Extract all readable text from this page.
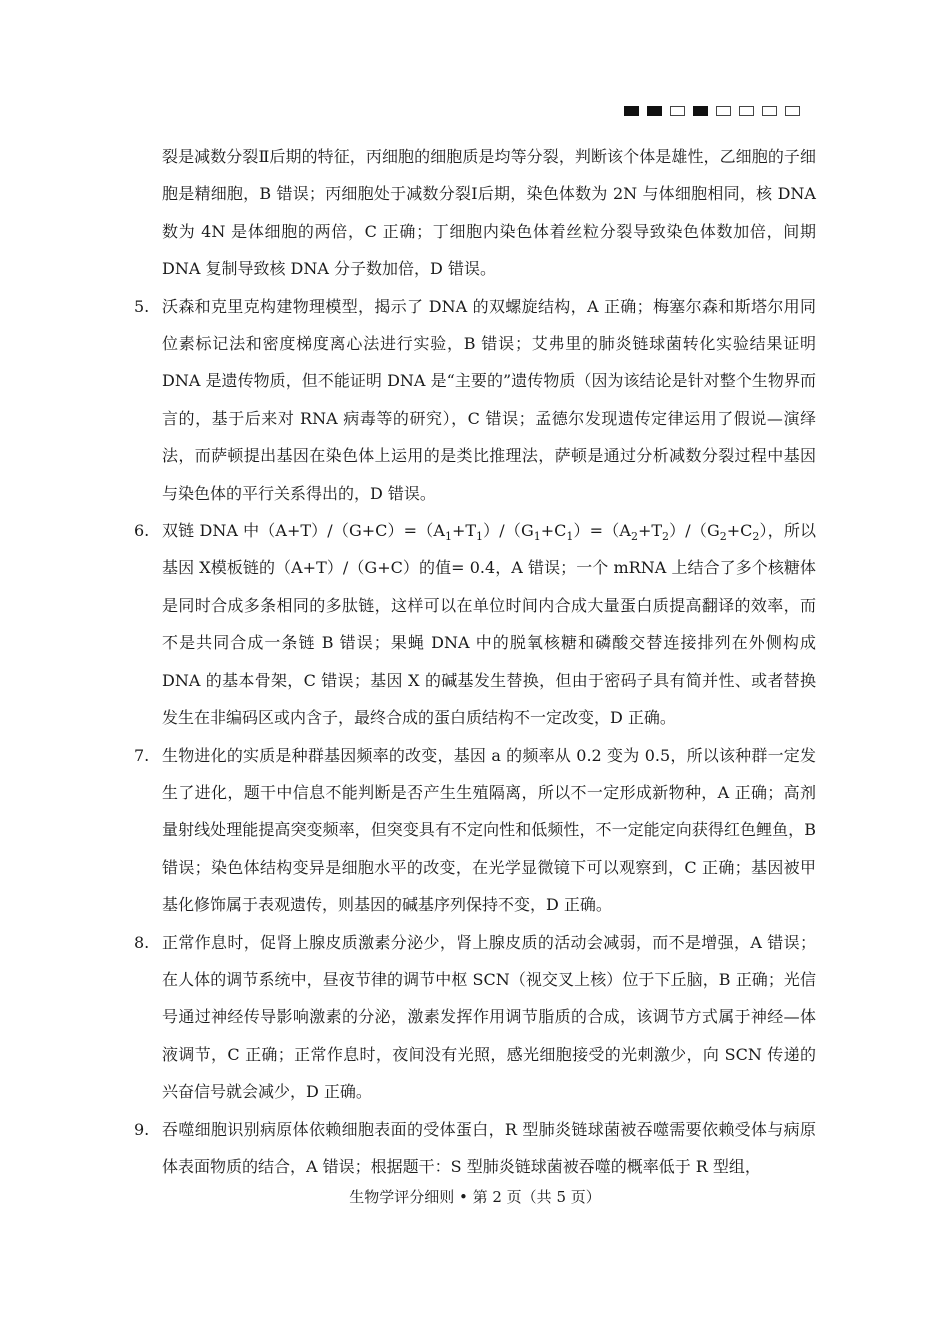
裂是减数分裂Ⅱ后期的特征，丙细胞的细胞质是均等分裂，判断该个体是雄性，乙细胞的子细胞是精细胞，B 错误；丙细胞处于减数分裂Ⅰ后期，染色体数为 2N 与体细胞相同，核 DNA 数为 4N 是体细胞的两倍，C 正确；丁细胞内染色体着丝粒分裂导致染色体数加倍，间期 DNA 复制导致核 DNA 分子数加倍，D 错误。

5. 沃森和克里克构建物理模型，揭示了 DNA 的双螺旋结构，A 正确；梅塞尔森和斯塔尔用同位素标记法和密度梯度离心法进行实验，B 错误；艾弗里的肺炎链球菌转化实验结果证明 DNA 是遗传物质，但不能证明 DNA 是“主要的”遗传物质（因为该结论是针对整个生物界而言的，基于后来对 RNA 病毒等的研究），C 错误；孟德尔发现遗传定律运用了假说—演绎法，而萨顿提出基因在染色体上运用的是类比推理法，萨顿是通过分析减数分裂过程中基因与染色体的平行关系得出的，D 错误。
6. 双链 DNA 中$(A+T)/(G+C)=(A_1+T_1)/(G_1+C_1)=(A_2+T_2)/(G_2+C_2)$，所以基因 X模板链的（A+T）/（G+C）的值= 0.4，A 错误；一个 mRNA 上结合了多个核糖体是同时合成多条相同的多肽链，这样可以在单位时间内合成大量蛋白质提高翻译的效率，而不是共同合成一条链 B 错误；果蝇 DNA 中的脱氧核糖和磷酸交替连接排列在外侧构成 DNA 的基本骨架，C 错误；基因 X 的碱基发生替换，但由于密码子具有简并性、或者替换发生在非编码区或内含子，最终合成的蛋白质结构不一定改变，D 正确。
7. 生物进化的实质是种群基因频率的改变，基因 a 的频率从 0.2 变为 0.5，所以该种群一定发生了进化，题干中信息不能判断是否产生生殖隔离，所以不一定形成新物种，A 正确；高剂量射线处理能提高突变频率，但突变具有不定向性和低频性，不一定能定向获得红色鲤鱼，B 错误；染色体结构变异是细胞水平的改变，在光学显微镜下可以观察到，C 正确；基因被甲基化修饰属于表观遗传，则基因的碱基序列保持不变，D 正确。
8. 正常作息时，促肾上腺皮质激素分泌少，肾上腺皮质的活动会减弱，而不是增强，A 错误；在人体的调节系统中，昼夜节律的调节中枢 SCN（视交叉上核）位于下丘脑，B 正确；光信号通过神经传导影响激素的分泌，激素发挥作用调节脂质的合成，该调节方式属于神经—体液调节，C 正确；正常作息时，夜间没有光照，感光细胞接受的光刺激少，向 SCN 传递的兴奋信号就会减少，D 正确。
9. 吞噬细胞识别病原体依赖细胞表面的受体蛋白，R 型肺炎链球菌被吞噬需要依赖受体与病原体表面物质的结合，A 错误；根据题干：S 型肺炎链球菌被吞噬的概率低于 R 型组，
生物学评分细则 • 第 2 页（共 5 页）
